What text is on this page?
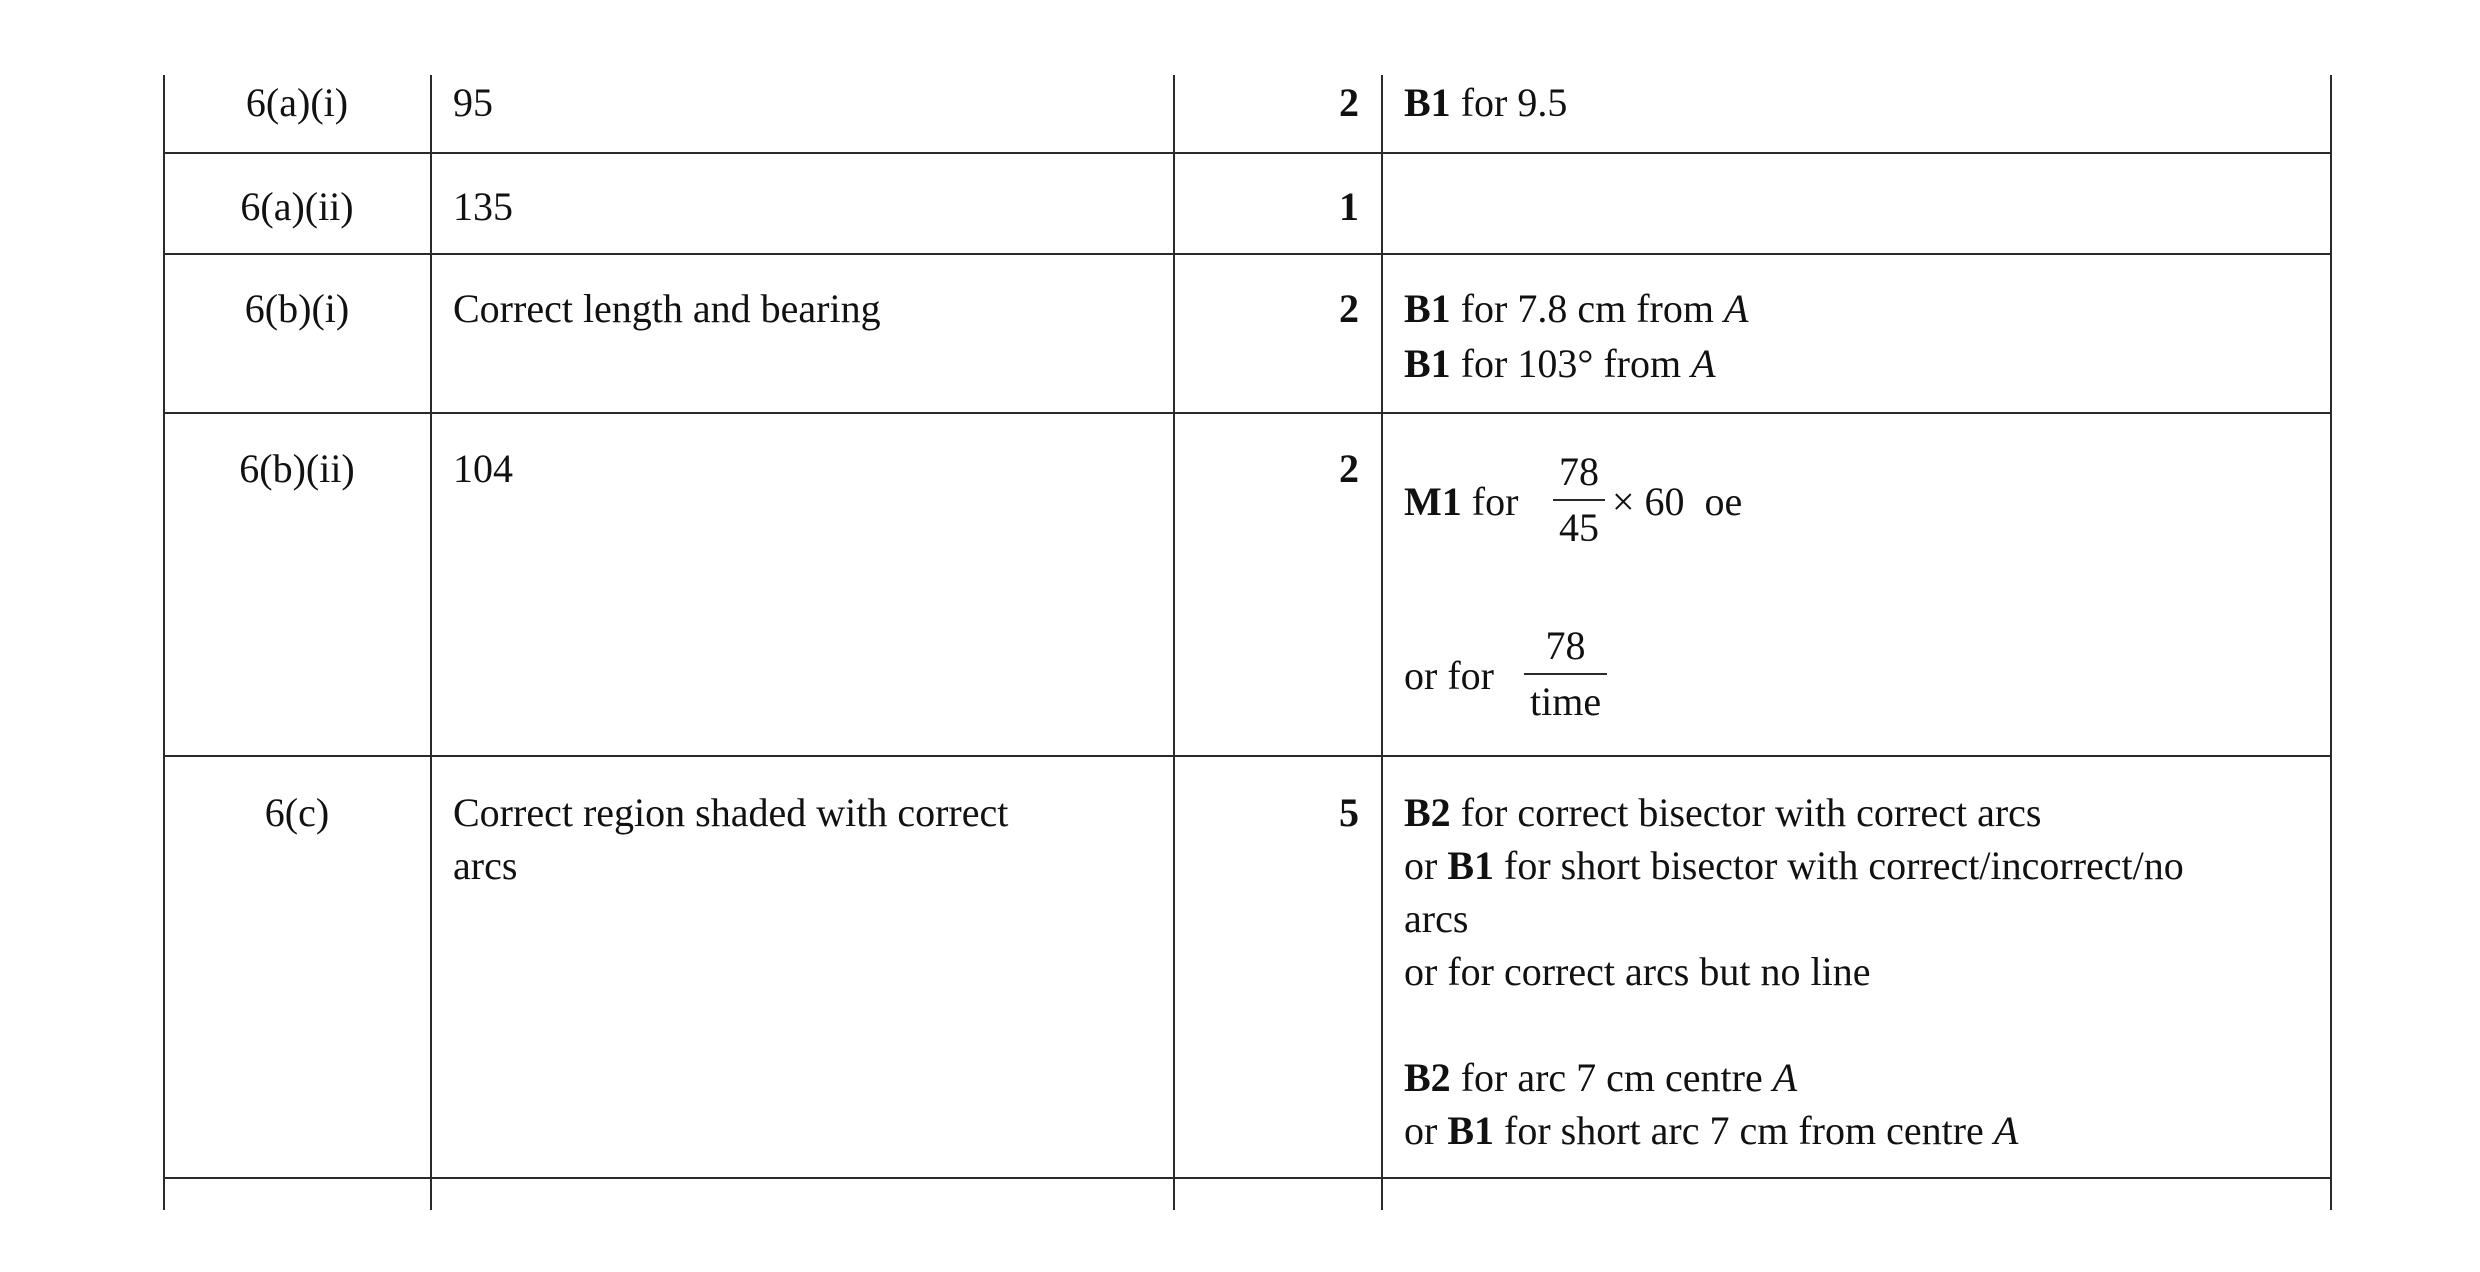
6(a)(i)	95	2 B1 for 9.5
6(a)(ii) 135	1
6(b)(i)	Correct length and bearing	2 B1 for 7.8 cm from A
B1 for 103° from A
6(b)(ii) 104	2
M1 for
78
45
× 60  oe
or for
78
time
6(c)	Correct region shaded with correct
arcs
5 B2 for correct bisector with correct arcs
or B1 for short bisector with correct/incorrect/no
arcs
or for correct arcs but no line
B2 for arc 7 cm centre A
or B1 for short arc 7 cm from centre A
